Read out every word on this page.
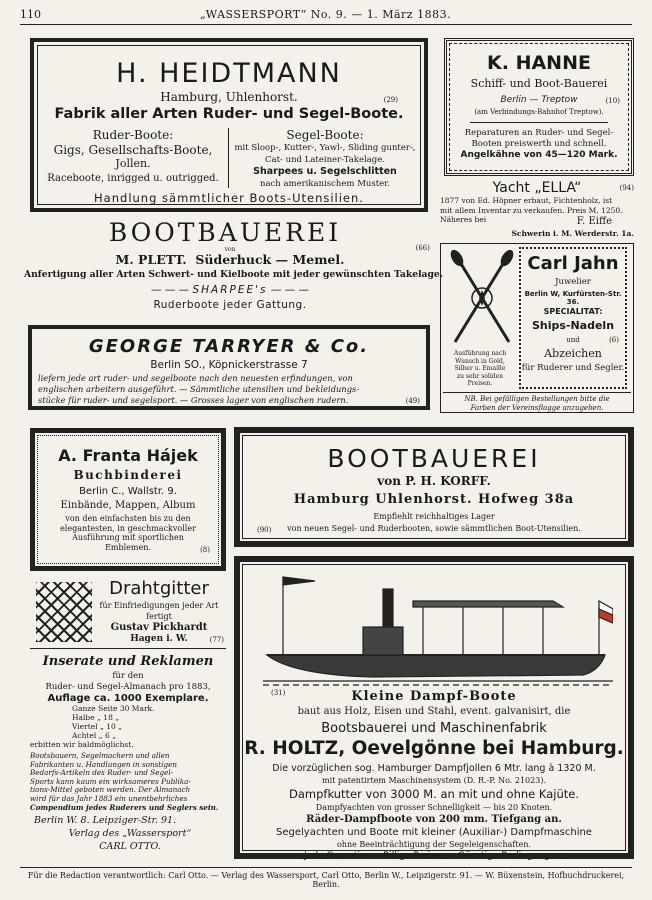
110	„WASSERSPORT“ No. 9. — 1. März 1883.
H. HEIDTMANN
Hamburg, Uhlenhorst.	(29)
Fabrik aller Arten Ruder- und Segel-Boote.
Ruder-Boote:
Gigs, Gesellschafts-Boote,
Jollen.
Raceboote, inrigged u. outrigged.
Segel-Boote:
mit Sloop-, Kutter-, Yawl-, Sliding gunter-,
Cat- und Lateiner-Takelage.
Sharpees u. Segelschlitten
nach amerikanischem Muster.
Handlung sämmtlicher Boots-Utensilien.
K. HANNE
Schiff- und Boot-Bauerei
Berlin — Treptow	(10)
(am Verbindungs-Bahnhof Treptow).
Reparaturen an Ruder- und Segel-
Booten preiswerth und schnell.
Angelkähne von 45—120 Mark.
Yacht „ELLA“	(94)
1877 von Ed. Höpner erbaut, Fichtenholz, ist
mit allem Inventar zu verkaufen. Preis M. 1250.
Näheres bei	F. Eiffe
Schwerin i. M. Werderstr. 1a.
BOOTBAUEREI
von	(66)
M. PLETT. Süderhuck — Memel.
Anfertigung aller Arten Schwert- und Kielboote mit jeder gewünschten Takelage.
— — — SHARPEE's — — —
Ruderboote jeder Gattung.
GEORGE TARRYER & Co.
Berlin SO., Köpnickerstrasse 7
liefern jede art ruder- und segelboote nach den neuesten erfindungen, von
englischen arbeitern ausgeführt. — Sämmtliche utensilien und bekleidungs-
stücke für ruder- und segelsport. — Grosses lager von englischen rudern.	(49)
Ausführung nach
Wunsch in Gold,
Silber u. Emaille
zu sehr soliden
Preisen.
Carl Jahn
Juwelier
Berlin W, Kurfürsten-Str. 36.
SPECIALITAT:
Ships-Nadeln
und	(6)
Abzeichen
für Ruderer und Segler.
NB. Bei gefälligen Bestellungen bitte die
Farben der Vereinsflagge anzugeben.
A. Franta Hájek
Buchbinderei
Berlin C., Wallstr. 9.
Einbände, Mappen, Album
von den einfachsten bis zu den
elegantesten, in geschmackvoller
Ausführung mit sportlichen
Emblemen.	(8)
BOOTBAUEREI
von P. H. KORFF.
Hamburg Uhlenhorst. Hofweg 38a
Empfiehlt reichhaltiges Lager
von neuen Segel- und Ruderbooten, sowie sämmtlichen Boot-Utensilien.
(90)
Drahtgitter
für Einfriedigungen jeder Art
fertigt
Gustav Pickhardt
Hagen i. W.	(77)
Inserate und Reklamen
für den
Ruder- und Segel-Almanach pro 1883,
Auflage ca. 1000 Exemplare.
Ganze Seite 30 Mark.
Halbe „ 18 „
Viertel „ 10 „
Achtel „ 6 „
erbitten wir baldmöglichst.
Bootsbauern, Segelmachern und allen
Fabrikanten u. Handlungen in sonstigen
Bedarfs-Artikeln des Ruder- und Segel-
Sports kann kaum ein wirksameres Publika-
tions-Mittel geboten werden. Der Almanach
wird für das Jahr 1883 ein unentbehrliches
Compendium jedes Ruderers und Seglers sein.
Berlin W. 8. Leipziger-Str. 91.
Verlag des „Wassersport“
CARL OTTO.
(31)	Kleine Dampf-Boote
baut aus Holz, Eisen und Stahl, event. galvanisirt, die
Bootsbauerei und Maschinenfabrik
R. HOLTZ, Oevelgönne bei Hamburg.
Die vorzüglichen sog. Hamburger Dampfjollen 6 Mtr. lang à 1320 M.
mit patentirtem Maschinensystem (D. R.-P. No. 21023).
Dampfkutter von 3000 M. an mit und ohne Kajüte.
Dampfyachten von grosser Schnelligkeit — bis 20 Knoten.
Räder-Dampfboote von 200 mm. Tiefgang an.
Segelyachten und Boote mit kleiner (Auxiliar-) Dampfmaschine
ohne Beeinträchtigung der Segeleigenschaften.
Jede Garantie. — Billige Preise. — Günstige Bedingungen.
Für die Redaction verantwortlich: Carl Otto. — Verlag des Wassersport, Carl Otto, Berlin W., Leipzigerstr. 91. — W. Büxenstein, Hofbuchdruckerei, Berlin.
